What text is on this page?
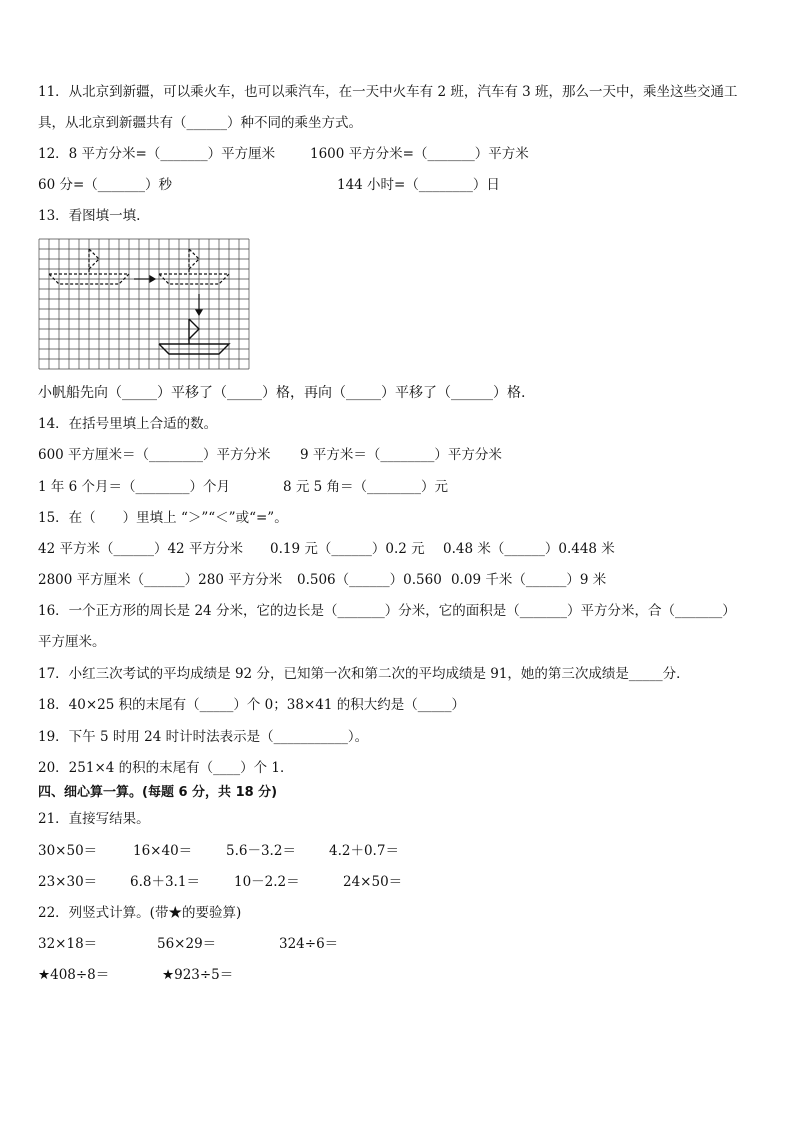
11．从北京到新疆，可以乘火车，也可以乘汽车，在一天中火车有 2 班，汽车有 3 班，那么一天中，乘坐这些交通工
具，从北京到新疆共有（______）种不同的乘坐方式。
12．8 平方分米=（_______）平方厘米	1600 平方分米=（_______）平方米
60 分=（_______）秒	144 小时=（________）日
13．看图填一填.
小帆船先向（_____）平移了（_____）格，再向（_____）平移了（______）格.
14．在括号里填上合适的数。
600 平方厘米＝（________）平方分米 9 平方米＝（________）平方分米
1 年 6 个月＝（________）个月	8 元 5 角＝（________）元
15．在（　　）里填上 “＞”“＜”或“=”。
42 平方米（______）42 平方分米 0.19 元（______）0.2 元 0.48 米（______）0.448 米
2800 平方厘米（______）280 平方分米 0.506（______）0.560 0.09 千米（______）9 米
16．一个正方形的周长是 24 分米，它的边长是（_______）分米，它的面积是（_______）平方分米，合（_______）
平方厘米。
17．小红三次考试的平均成绩是 92 分，已知第一次和第二次的平均成绩是 91，她的第三次成绩是_____分．
18．40×25 积的末尾有（_____）个 0；38×41 的积大约是（_____）
19．下午 5 时用 24 时计时法表示是（___________）。
20．251×4 的积的末尾有（____）个 1．
四、细心算一算。(每题 6 分，共 18 分)
21．直接写结果。
30×50＝	16×40＝	5.6－3.2＝ 4.2＋0.7＝
23×30＝ 6.8＋3.1＝	10－2.2＝	24×50＝
22．列竖式计算。(带★的要验算)
32×18＝	56×29＝	324÷6＝
★408÷8＝	★923÷5＝
